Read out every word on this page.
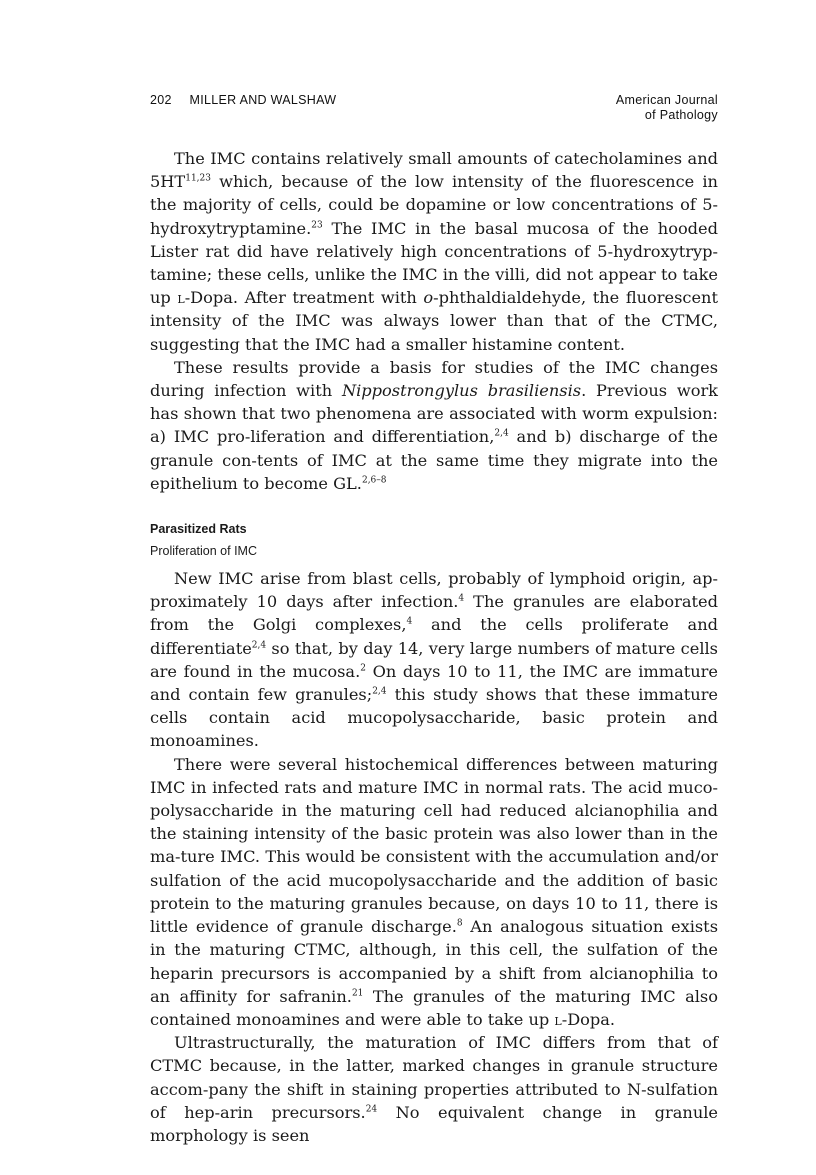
202 MILLER AND WALSHAW	American Journal
of Pathology

The IMC contains relatively small amounts of catecholamines and 5HT$^{11,23}$ which, because of the low intensity of the fluorescence in the majority of cells, could be dopamine or low concentrations of 5-hydroxytryptamine.$^{23}$ The IMC in the basal mucosa of the hooded Lister rat did have relatively high concentrations of 5-hydroxytryp-tamine; these cells, unlike the IMC in the villi, did not appear to take up l-Dopa. After treatment with o-phthaldialdehyde, the fluorescent intensity of the IMC was always lower than that of the CTMC, suggesting that the IMC had a smaller histamine content.

These results provide a basis for studies of the IMC changes during infection with Nippostrongylus brasiliensis. Previous work has shown that two phenomena are associated with worm expulsion: a) IMC pro-liferation and differentiation,$^{2,4}$ and b) discharge of the granule con-tents of IMC at the same time they migrate into the epithelium to become GL.$^{2,6-8}$

Parasitized Rats
Proliferation of IMC

New IMC arise from blast cells, probably of lymphoid origin, ap-proximately 10 days after infection.$^4$ The granules are elaborated from the Golgi complexes,$^4$ and the cells proliferate and differentiate$^{2,4}$ so that, by day 14, very large numbers of mature cells are found in the mucosa.$^2$ On days 10 to 11, the IMC are immature and contain few granules;$^{2,4}$ this study shows that these immature cells contain acid mucopolysaccharide, basic protein and monoamines.

There were several histochemical differences between maturing IMC in infected rats and mature IMC in normal rats. The acid muco-polysaccharide in the maturing cell had reduced alcianophilia and the staining intensity of the basic protein was also lower than in the ma-ture IMC. This would be consistent with the accumulation and/or sulfation of the acid mucopolysaccharide and the addition of basic protein to the maturing granules because, on days 10 to 11, there is little evidence of granule discharge.$^8$ An analogous situation exists in the maturing CTMC, although, in this cell, the sulfation of the heparin precursors is accompanied by a shift from alcianophilia to an affinity for safranin.$^{21}$ The granules of the maturing IMC also contained monoamines and were able to take up l-Dopa.

Ultrastructurally, the maturation of IMC differs from that of CTMC because, in the latter, marked changes in granule structure accom-pany the shift in staining properties attributed to N-sulfation of hep-arin precursors.$^{24}$ No equivalent change in granule morphology is seen
